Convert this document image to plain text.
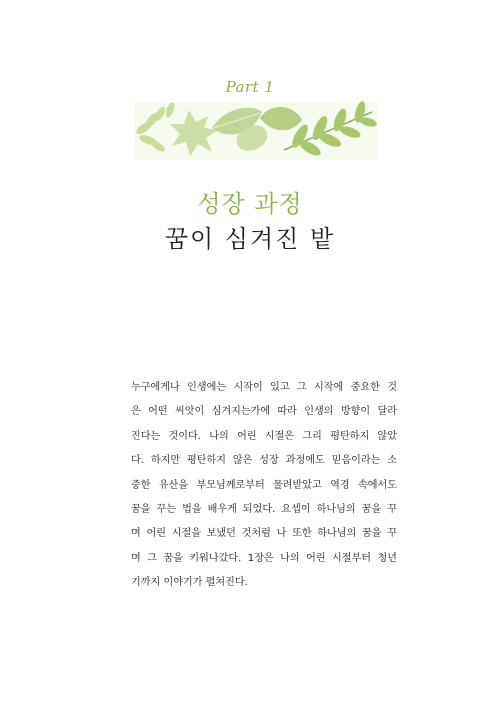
Part 1
성장 과정
꿈이 심겨진 밭

누구에게나 인생에는 시작이 있고 그 시작에 중요한 것
은 어떤 씨앗이 심겨지는가에 따라 인생의 방향이 달라
진다는 것이다. 나의 어린 시절은 그리 평탄하지 않았
다. 하지만 평탄하지 않은 성장 과정에도 믿음이라는 소
중한 유산을 부모님께로부터 물려받았고 역경 속에서도
꿈을 꾸는 법을 배우게 되었다. 요셉이 하나님의 꿈을 꾸
며 어린 시절을 보냈던 것처럼 나 또한 하나님의 꿈을 꾸
며 그 꿈을 키워나갔다. 1장은 나의 어린 시절부터 청년
기까지 이야기가 펼쳐진다.
